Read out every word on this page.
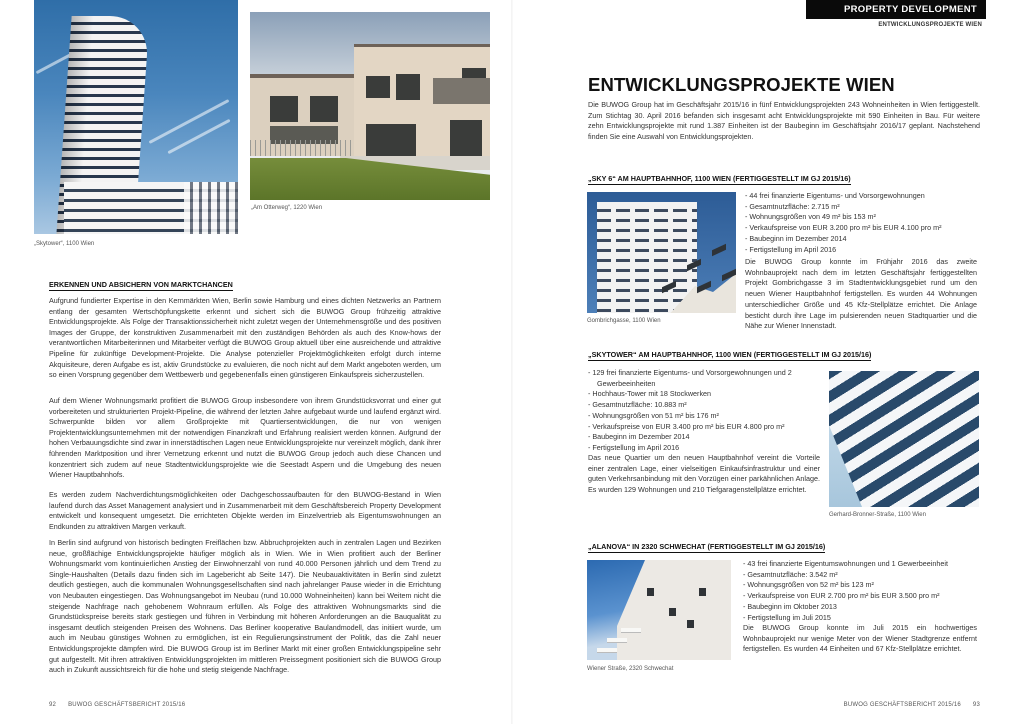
„Skytower“, 1100 Wien
„Am Otterweg“, 1220 Wien
ERKENNEN UND ABSICHERN VON MARKTCHANCEN

Aufgrund fundierter Expertise in den Kernmärkten Wien, Berlin sowie Hamburg und eines dichten Netzwerks an Partnern entlang der gesamten Wertschöpfungskette erkennt und sichert sich die BUWOG Group frühzeitig attraktive Entwicklungsprojekte. Als Folge der Transaktionssicherheit nicht zuletzt wegen der Unternehmensgröße und des positiven Images der Gruppe, der konstruktiven Zusammenarbeit mit den zuständigen Behörden als auch des Know-hows der verantwortlichen Mitarbeiterinnen und Mitarbeiter verfügt die BUWOG Group aktuell über eine ausreichende und attraktive Pipeline für zukünftige Development-Projekte. Die Analyse potenzieller Projektmöglichkeiten erfolgt durch interne Akquisiteure, deren Aufgabe es ist, aktiv Grundstücke zu evaluieren, die noch nicht auf dem Markt angeboten werden, um so einen Vorsprung gegenüber dem Wettbewerb und gegebenenfalls einen günstigeren Einkaufspreis sicherzustellen.

Auf dem Wiener Wohnungsmarkt profitiert die BUWOG Group insbesondere von ihrem Grundstücksvorrat und einer gut vorbereiteten und strukturierten Projekt-Pipeline, die während der letzten Jahre aufgebaut wurde und laufend ergänzt wird. Schwerpunkte bilden vor allem Großprojekte mit Quartiersentwicklungen, die nur von wenigen Projektentwicklungsunternehmen mit der notwendigen Finanzkraft und Erfahrung realisiert werden können. Aufgrund der hohen Verbauungsdichte sind zwar in innerstädtischen Lagen neue Entwicklungsprojekte nur vereinzelt möglich, dank ihrer führenden Marktposition und ihrer Vernetzung erkennt und nutzt die BUWOG Group jedoch auch diese Chancen und konzentriert sich zudem auf neue Stadtentwicklungsprojekte wie die Seestadt Aspern und die Umgebung des neuen Wiener Hauptbahnhofs.

Es werden zudem Nachverdichtungsmöglichkeiten oder Dachgeschossaufbauten für den BUWOG-Bestand in Wien laufend durch das Asset Management analysiert und in Zusammenarbeit mit dem Geschäftsbereich Property Development entwickelt und konsequent umgesetzt. Die errichteten Objekte werden im Einzelvertrieb als Eigentumswohnungen an Endkunden zu attraktiven Margen verkauft.

In Berlin sind aufgrund von historisch bedingten Freiflächen bzw. Abbruchprojekten auch in zentralen Lagen und Bezirken neue, großflächige Entwicklungsprojekte häufiger möglich als in Wien. Wie in Wien profitiert auch der Berliner Wohnungsmarkt vom kontinuierlichen Anstieg der Einwohnerzahl von rund 40.000 Personen jährlich und dem Trend zu Single-Haushalten (Details dazu finden sich im Lagebericht ab Seite 147). Die Neubauaktivitäten in Berlin sind zuletzt deutlich gestiegen, auch die kommunalen Wohnungsgesellschaften sind nach jahrelanger Pause wieder in die Errichtung von Neubauten eingestiegen. Das Wohnungsangebot im Neubau (rund 10.000 Wohneinheiten) kann bei Weitem nicht die steigende Nachfrage nach gehobenem Wohnraum erfüllen. Als Folge des attraktiven Wohnungsmarkts sind die Grundstückspreise bereits stark gestiegen und führen in Verbindung mit höheren Anforderungen an die Bauqualität zu insgesamt deutlich steigenden Preisen des Wohnens. Das Berliner kooperative Baulandmodell, das initiiert wurde, um auch im Neubau günstiges Wohnen zu ermöglichen, ist ein Regulierungsinstrument der Politik, das die Zahl neuer Entwicklungsprojekte dämpfen wird. Die BUWOG Group ist im Berliner Markt mit einer großen Entwicklungspipeline sehr gut aufgestellt. Mit ihren attraktiven Entwicklungsprojekten im mittleren Preissegment positioniert sich die BUWOG Group auch in Zukunft aussichtsreich für die hohe und stetig steigende Nachfrage.

92 BUWOG GESCHÄFTSBERICHT 2015/16
PROPERTY DEVELOPMENT
ENTWICKLUNGSPROJEKTE WIEN
ENTWICKLUNGSPROJEKTE WIEN

Die BUWOG Group hat im Geschäftsjahr 2015/16 in fünf Entwicklungsprojekten 243 Wohneinheiten in Wien fertiggestellt. Zum Stichtag 30. April 2016 befanden sich insgesamt acht Entwicklungsprojekte mit 590 Einheiten in Bau. Für weitere zehn Entwicklungsprojekte mit rund 1.387 Einheiten ist der Baubeginn im Geschäftsjahr 2016/17 geplant. Nachstehend finden Sie eine Auswahl von Entwicklungsprojekten.

„SKY 6“ AM HAUPTBAHNHOF, 1100 WIEN (FERTIGGESTELLT IM GJ 2015/16)
Gombrichgasse, 1100 Wien
- 44 frei finanzierte Eigentums- und Vorsorgewohnungen
- Gesamtnutzfläche: 2.715 m²
- Wohnungsgrößen von 49 m² bis 153 m²
- Verkaufspreise von EUR 3.200 pro m² bis EUR 4.100 pro m²
- Baubeginn im Dezember 2014
- Fertigstellung im April 2016

Die BUWOG Group konnte im Frühjahr 2016 das zweite Wohnbauprojekt nach dem im letzten Geschäftsjahr fertiggestellten Projekt Gombrichgasse 3 im Stadtentwicklungsgebiet rund um den neuen Wiener Hauptbahnhof fertigstellen. Es wurden 44 Wohnungen unterschiedlicher Größe und 45 Kfz-Stellplätze errichtet. Die Anlage besticht durch ihre Lage im pulsierenden neuen Stadtquartier und die Nähe zur Wiener Innenstadt.

„SKYTOWER“ AM HAUPTBAHNHOF, 1100 WIEN (FERTIGGESTELLT IM GJ 2015/16)
- 129 frei finanzierte Eigentums- und Vorsorgewohnungen und 2 Gewerbeeinheiten
- Hochhaus-Tower mit 18 Stockwerken
- Gesamtnutzfläche: 10.883 m²
- Wohnungsgrößen von 51 m² bis 176 m²
- Verkaufspreise von EUR 3.400 pro m² bis EUR 4.800 pro m²
- Baubeginn im Dezember 2014
- Fertigstellung im April 2016

Das neue Quartier um den neuen Hauptbahnhof vereint die Vorteile einer zentralen Lage, einer vielseitigen Einkaufsinfrastruktur und einer guten Verkehrsanbindung mit den Vorzügen einer parkähnlichen Anlage. Es wurden 129 Wohnungen und 210 Tiefgaragenstellplätze errichtet.

Gerhard-Bronner-Straße, 1100 Wien
„ALANOVA“ IN 2320 SCHWECHAT (FERTIGGESTELLT IM GJ 2015/16)
Wiener Straße, 2320 Schwechat
- 43 frei finanzierte Eigentumswohnungen und 1 Gewerbeeinheit
- Gesamtnutzfläche: 3.542 m²
- Wohnungsgrößen von 52 m² bis 123 m²
- Verkaufspreise von EUR 2.700 pro m² bis EUR 3.500 pro m²
- Baubeginn im Oktober 2013
- Fertigstellung im Juli 2015

Die BUWOG Group konnte im Juli 2015 ein hochwertiges Wohnbauprojekt nur wenige Meter von der Wiener Stadtgrenze entfernt fertigstellen. Es wurden 44 Einheiten und 67 Kfz-Stellplätze errichtet.

BUWOG GESCHÄFTSBERICHT 2015/16 93
